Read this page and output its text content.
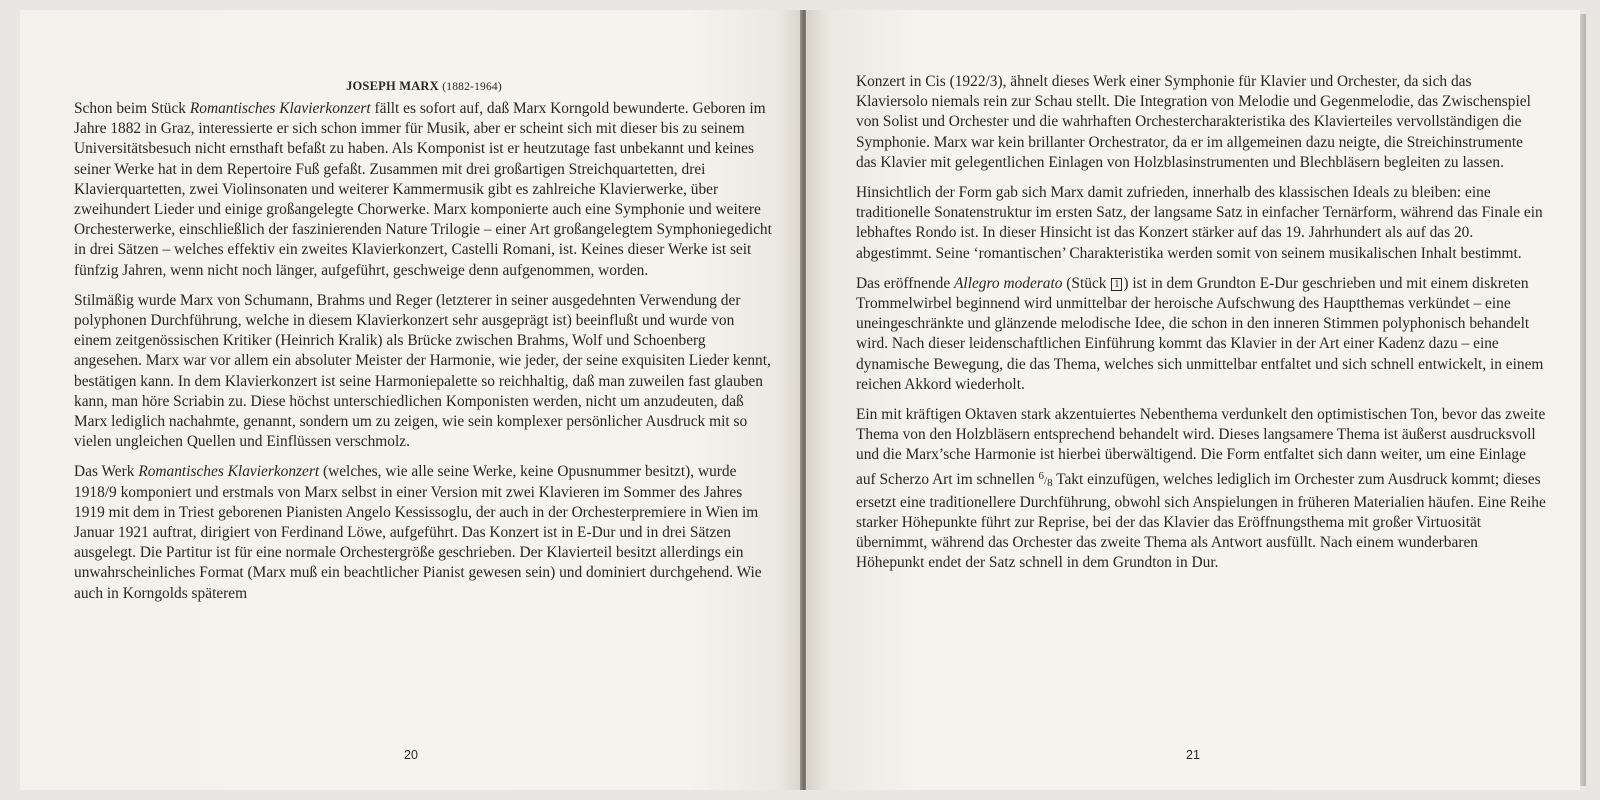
JOSEPH MARX (1882-1964)

Schon beim Stück Romantisches Klavierkonzert fällt es sofort auf, daß Marx Korngold bewunderte. Geboren im Jahre 1882 in Graz, interessierte er sich schon immer für Musik, aber er scheint sich mit dieser bis zu seinem Universitätsbesuch nicht ernsthaft befaßt zu haben. Als Komponist ist er heutzutage fast unbekannt und keines seiner Werke hat in dem Repertoire Fuß gefaßt. Zusammen mit drei großartigen Streichquartetten, drei Klavierquartetten, zwei Violinsonaten und weiterer Kammermusik gibt es zahlreiche Klavierwerke, über zweihundert Lieder und einige großangelegte Chorwerke. Marx komponierte auch eine Symphonie und weitere Orchesterwerke, einschließlich der faszinierenden Nature Trilogie – einer Art großangelegtem Symphoniegedicht in drei Sätzen – welches effektiv ein zweites Klavierkonzert, Castelli Romani, ist. Keines dieser Werke ist seit fünfzig Jahren, wenn nicht noch länger, aufgeführt, geschweige denn aufgenommen, worden.

Stilmäßig wurde Marx von Schumann, Brahms und Reger (letzterer in seiner ausgedehnten Verwendung der polyphonen Durchführung, welche in diesem Klavierkonzert sehr ausgeprägt ist) beeinflußt und wurde von einem zeitgenössischen Kritiker (Heinrich Kralik) als Brücke zwischen Brahms, Wolf und Schoenberg angesehen. Marx war vor allem ein absoluter Meister der Harmonie, wie jeder, der seine exquisiten Lieder kennt, bestätigen kann. In dem Klavierkonzert ist seine Harmoniepalette so reichhaltig, daß man zuweilen fast glauben kann, man höre Scriabin zu. Diese höchst unterschiedlichen Komponisten werden, nicht um anzudeuten, daß Marx lediglich nachahmte, genannt, sondern um zu zeigen, wie sein komplexer persönlicher Ausdruck mit so vielen ungleichen Quellen und Einflüssen verschmolz.

Das Werk Romantisches Klavierkonzert (welches, wie alle seine Werke, keine Opusnummer besitzt), wurde 1918/9 komponiert und erstmals von Marx selbst in einer Version mit zwei Klavieren im Sommer des Jahres 1919 mit dem in Triest geborenen Pianisten Angelo Kessissoglu, der auch in der Orchesterpremiere in Wien im Januar 1921 auftrat, dirigiert von Ferdinand Löwe, aufgeführt. Das Konzert ist in E-Dur und in drei Sätzen ausgelegt. Die Partitur ist für eine normale Orchestergröße geschrieben. Der Klavierteil besitzt allerdings ein unwahrscheinliches Format (Marx muß ein beachtlicher Pianist gewesen sein) und dominiert durchgehend. Wie auch in Korngolds späterem

20

Konzert in Cis (1922/3), ähnelt dieses Werk einer Symphonie für Klavier und Orchester, da sich das Klaviersolo niemals rein zur Schau stellt. Die Integration von Melodie und Gegenmelodie, das Zwischenspiel von Solist und Orchester und die wahrhaften Orchestercharakteristika des Klavierteiles vervollständigen die Symphonie. Marx war kein brillanter Orchestrator, da er im allgemeinen dazu neigte, die Streichinstrumente das Klavier mit gelegentlichen Einlagen von Holzblasinstrumenten und Blechbläsern begleiten zu lassen.

Hinsichtlich der Form gab sich Marx damit zufrieden, innerhalb des klassischen Ideals zu bleiben: eine traditionelle Sonatenstruktur im ersten Satz, der langsame Satz in einfacher Ternärform, während das Finale ein lebhaftes Rondo ist. In dieser Hinsicht ist das Konzert stärker auf das 19. Jahrhundert als auf das 20. abgestimmt. Seine ‘romantischen’ Charakteristika werden somit von seinem musikalischen Inhalt bestimmt.

Das eröffnende Allegro moderato (Stück 1 ) ist in dem Grundton E-Dur geschrieben und mit einem diskreten Trommelwirbel beginnend wird unmittelbar der heroische Aufschwung des Hauptthemas verkündet – eine uneingeschränkte und glänzende melodische Idee, die schon in den inneren Stimmen polyphonisch behandelt wird. Nach dieser leidenschaftlichen Einführung kommt das Klavier in der Art einer Kadenz dazu – eine dynamische Bewegung, die das Thema, welches sich unmittelbar entfaltet und sich schnell entwickelt, in einem reichen Akkord wiederholt.

Ein mit kräftigen Oktaven stark akzentuiertes Nebenthema verdunkelt den optimistischen Ton, bevor das zweite Thema von den Holzbläsern entsprechend behandelt wird. Dieses langsamere Thema ist äußerst ausdrucksvoll und die Marx’sche Harmonie ist hierbei überwältigend. Die Form entfaltet sich dann weiter, um eine Einlage auf Scherzo Art im schnellen 6/8 Takt einzufügen, welches lediglich im Orchester zum Ausdruck kommt; dieses ersetzt eine traditionellere Durchführung, obwohl sich Anspielungen in früheren Materialien häufen. Eine Reihe starker Höhepunkte führt zur Reprise, bei der das Klavier das Eröffnungsthema mit großer Virtuosität übernimmt, während das Orchester das zweite Thema als Antwort ausfüllt. Nach einem wunderbaren Höhepunkt endet der Satz schnell in dem Grundton in Dur.

21
